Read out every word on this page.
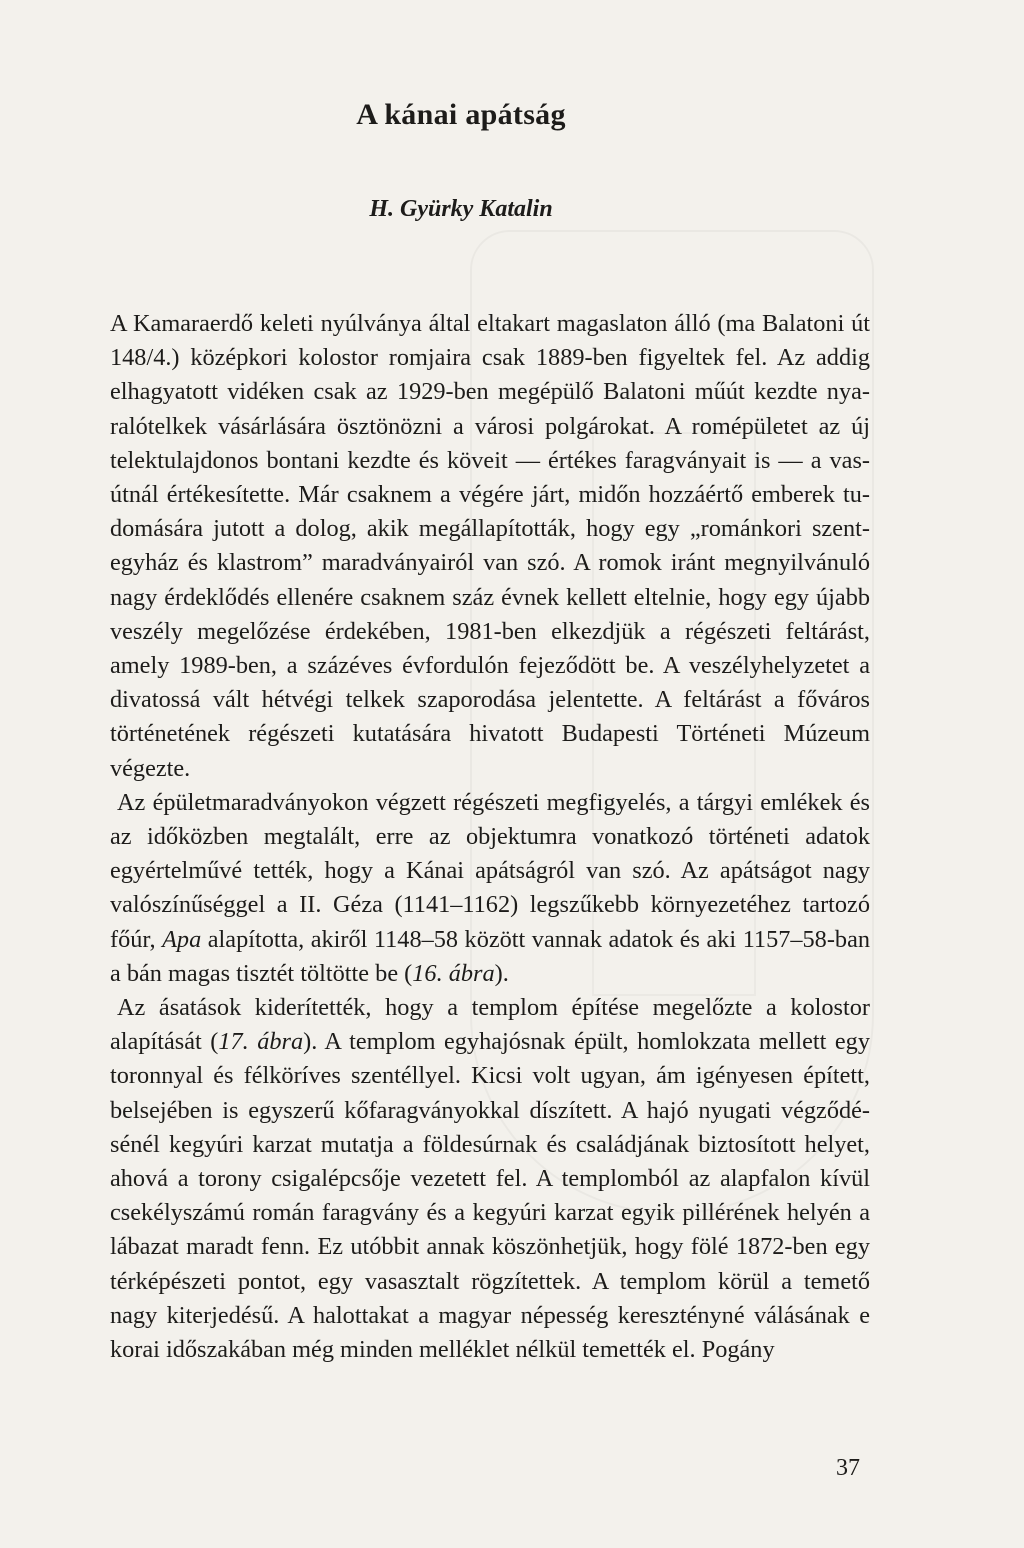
A kánai apátság
H. Gyürky Katalin

A Kamaraerdő keleti nyúlványa által eltakart magaslaton álló (ma Balatoni út 148/4.) középkori kolostor romjaira csak 1889-ben figyeltek fel. Az addig elhagyatott vidéken csak az 1929-ben megépülő Balatoni műút kezdte nyaralótelkek vásárlására ösztönözni a városi polgárokat. A romépületet az új telektulajdonos bontani kezdte és köveit — értékes faragványait is — a vasútnál értékesítette. Már csaknem a végére járt, midőn hozzáértő emberek tudomására jutott a dolog, akik megállapították, hogy egy „románkori szentegyház és klastrom” maradványairól van szó. A romok iránt megnyilvánuló nagy érdeklődés ellenére csaknem száz évnek kellett eltelnie, hogy egy újabb veszély megelőzése érdekében, 1981-ben elkezdjük a régészeti feltárást, amely 1989-ben, a százéves évfordulón fejeződött be. A veszélyhelyzetet a divatossá vált hétvégi telkek szaporodása jelentette. A feltárást a főváros történetének régészeti kutatására hivatott Budapesti Történeti Múzeum végezte.

Az épületmaradványokon végzett régészeti megfigyelés, a tárgyi emlékek és az időközben megtalált, erre az objektumra vonatkozó történeti adatok egyértelművé tették, hogy a Kánai apátságról van szó. Az apátságot nagy valószínűséggel a II. Géza (1141–1162) legszűkebb környezetéhez tartozó főúr, Apa alapította, akiről 1148–58 között vannak adatok és aki 1157–58-ban a bán magas tisztét töltötte be (16. ábra).

Az ásatások kiderítették, hogy a templom építése megelőzte a kolostor alapítását (17. ábra). A templom egyhajósnak épült, homlokzata mellett egy toronnyal és félköríves szentéllyel. Kicsi volt ugyan, ám igényesen épített, belsejében is egyszerű kőfaragványokkal díszített. A hajó nyugati végződésénél kegyúri karzat mutatja a földesúrnak és családjának biztosított helyet, ahová a torony csigalépcsője vezetett fel. A templomból az alapfalon kívül csekélyszámú román faragvány és a kegyúri karzat egyik pillérének helyén a lábazat maradt fenn. Ez utóbbit annak köszönhetjük, hogy fölé 1872-ben egy térképészeti pontot, egy vasasztalt rögzítettek. A templom körül a temető nagy kiterjedésű. A halottakat a magyar népesség keresztényné válásának e korai időszakában még minden melléklet nélkül temették el. Pogány

37
